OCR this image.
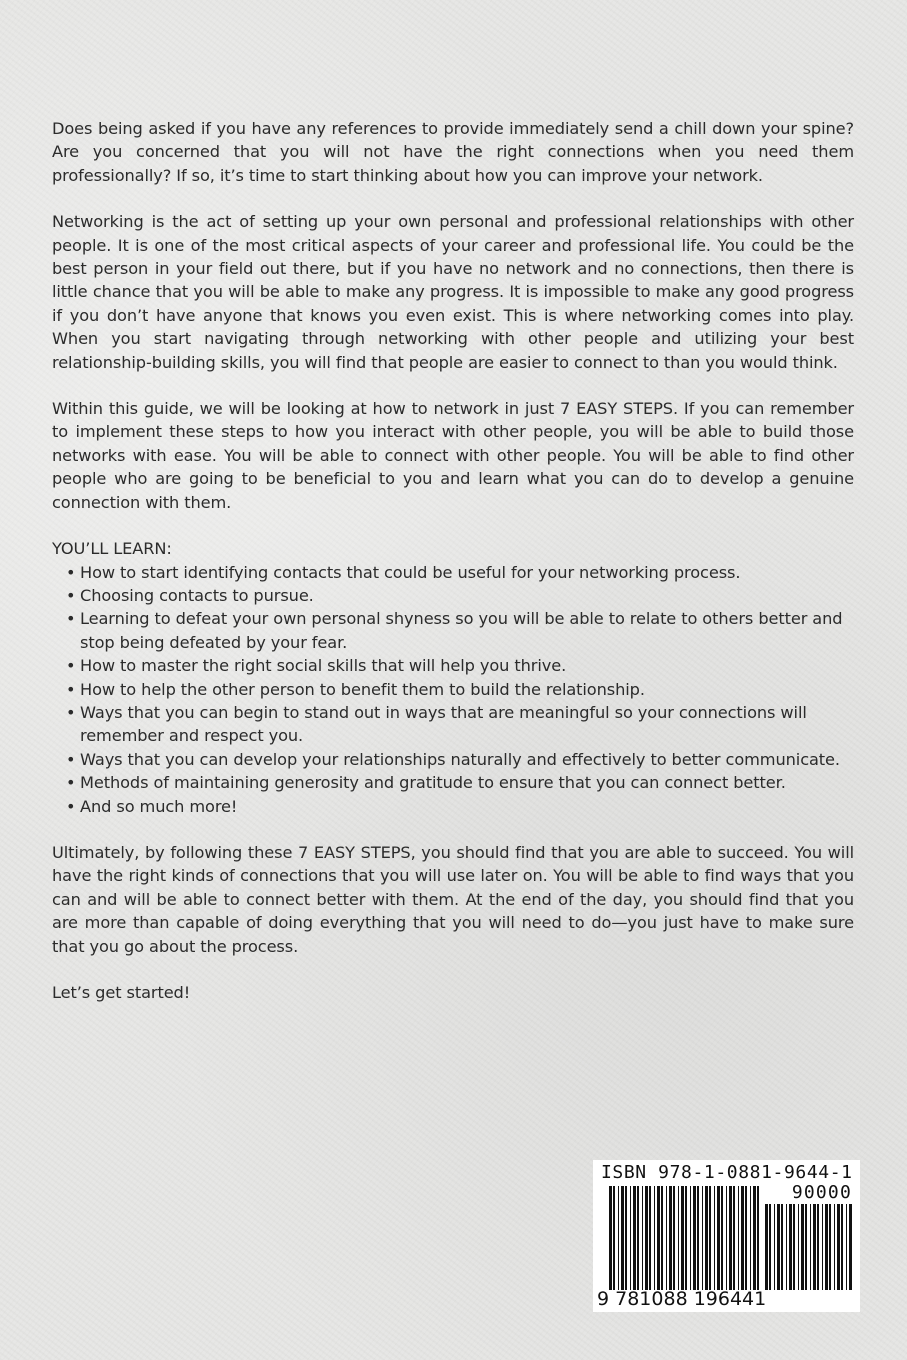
Does being asked if you have any references to provide immediately send a chill down your spine? Are you concerned that you will not have the right connections when you need them professionally? If so, it’s time to start thinking about how you can improve your network.

Networking is the act of setting up your own personal and professional relationships with other people. It is one of the most critical aspects of your career and professional life. You could be the best person in your field out there, but if you have no network and no connections, then there is little chance that you will be able to make any progress. It is impossible to make any good progress if you don’t have anyone that knows you even exist. This is where networking comes into play. When you start navigating through networking with other people and utilizing your best relationship-building skills, you will find that people are easier to connect to than you would think.

Within this guide, we will be looking at how to network in just 7 EASY STEPS. If you can remember to implement these steps to how you interact with other people, you will be able to build those networks with ease. You will be able to connect with other people. You will be able to find other people who are going to be beneficial to you and learn what you can do to develop a genuine connection with them.

YOU’LL LEARN:

• How to start identifying contacts that could be useful for your networking process.
• Choosing contacts to pursue.
• Learning to defeat your own personal shyness so you will be able to relate to others better and stop being defeated by your fear.
• How to master the right social skills that will help you thrive.
• How to help the other person to benefit them to build the relationship.
• Ways that you can begin to stand out in ways that are meaningful so your connections will remember and respect you.
• Ways that you can develop your relationships naturally and effectively to better communicate.
• Methods of maintaining generosity and gratitude to ensure that you can connect better.
• And so much more!

Ultimately, by following these 7 EASY STEPS, you should find that you are able to succeed. You will have the right kinds of connections that you will use later on. You will be able to find ways that you can and will be able to connect better with them. At the end of the day, you should find that you are more than capable of doing everything that you will need to do—you just have to make sure that you go about the process.

Let’s get started!

ISBN 978-1-0881-9644-1
90000
9 781088 196441
